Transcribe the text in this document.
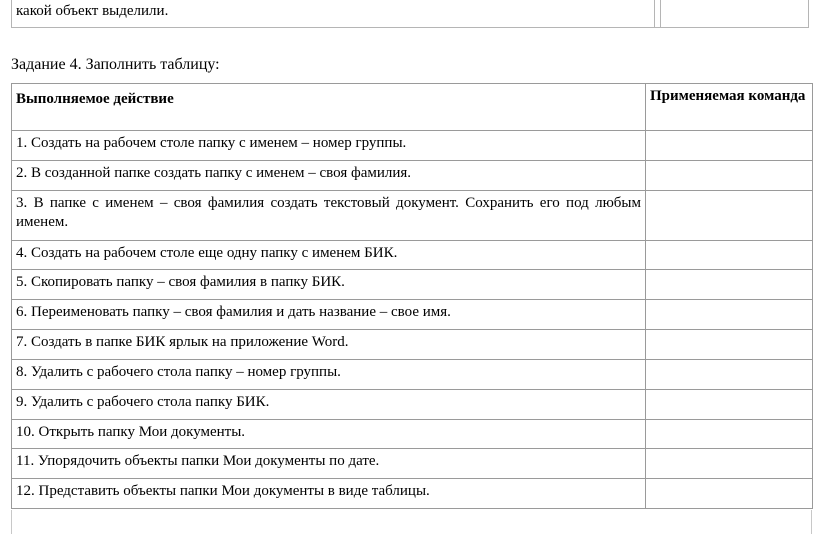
какой объект выделили.
Задание 4. Заполнить таблицу:
Выполняемое действие	Применяемая команда
1. Создать на рабочем столе папку с именем – номер группы.	
2. В созданной папке создать папку с именем – своя фамилия.	
3. В папке с именем – своя фамилия создать текстовый документ. Сохранить его под любым именем.	
4. Создать на рабочем столе еще одну папку с именем БИК.	
5. Скопировать папку – своя фамилия в папку БИК.	
6. Переименовать папку – своя фамилия и дать название – свое имя.	
7. Создать в папке БИК ярлык на приложение Word.	
8. Удалить с рабочего стола папку – номер группы.	
9. Удалить с рабочего стола папку БИК.	
10. Открыть папку Мои документы.	
11. Упорядочить объекты папки Мои документы по дате.	
12. Представить объекты папки Мои документы в виде таблицы.	
